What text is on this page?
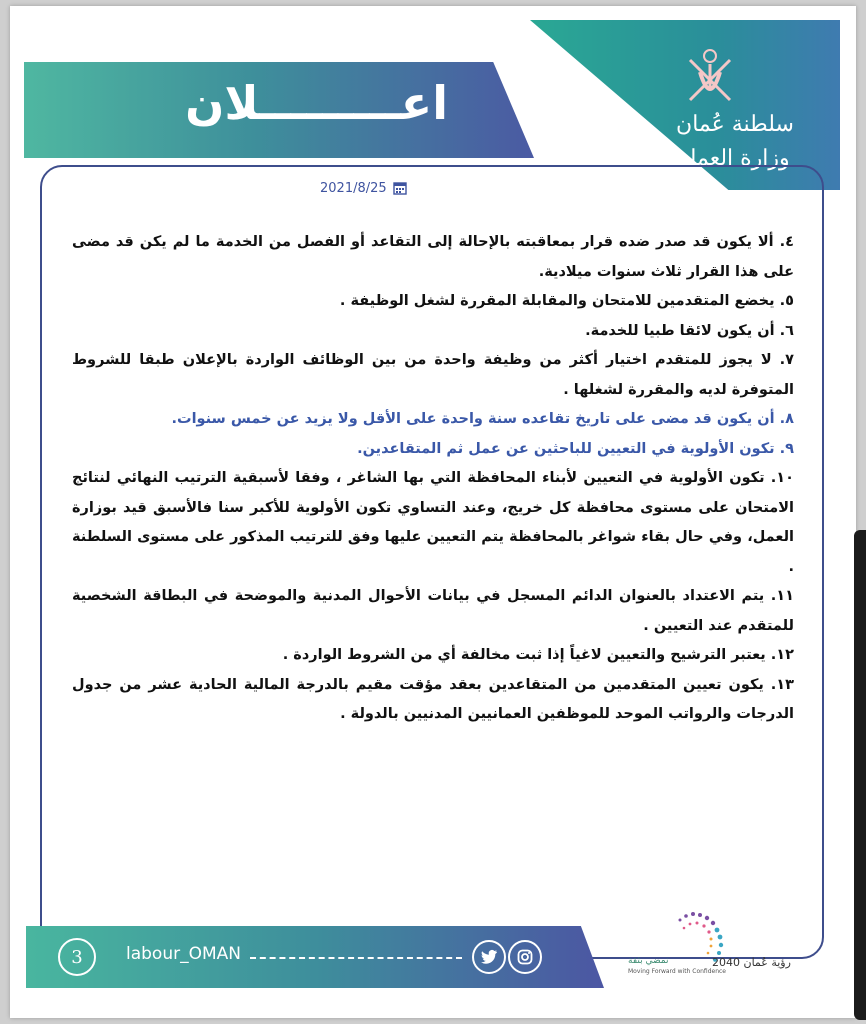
سلطنة عُمان
وزارة العمل
اعـــــــــلان
2021/8/25

٤. ألا يكون قد صدر ضده قرار بمعاقبته بالإحالة إلى التقاعد أو الفصل من الخدمة ما لم يكن قد مضى على هذا القرار ثلاث سنوات ميلادية.

٥. يخضع المتقدمين للامتحان والمقابلة المقررة لشغل الوظيفة .

٦. أن يكون لائقا طبيا للخدمة.

٧. لا يجوز للمتقدم اختيار أكثر من وظيفة واحدة من بين الوظائف الواردة بالإعلان طبقا للشروط المتوفرة لديه والمقررة لشغلها .

٨. أن يكون قد مضى على تاريخ تقاعده سنة واحدة على الأقل ولا يزيد عن خمس سنوات.

٩. تكون الأولوية في التعيين للباحثين عن عمل ثم المتقاعدين.

١٠. تكون الأولوية في التعيين لأبناء المحافظة التي بها الشاغر ، وفقا لأسبقية الترتيب النهائي لنتائج الامتحان على مستوى محافظة كل خريج، وعند التساوي تكون الأولوية للأكبر سنا فالأسبق قيد بوزارة العمل، وفي حال بقاء شواغر بالمحافظة يتم التعيين عليها وفق للترتيب المذكور على مستوى السلطنة .

١١. يتم الاعتداد بالعنوان الدائم المسجل في بيانات الأحوال المدنية والموضحة في البطاقة الشخصية للمتقدم عند التعيين .

١٢. يعتبر الترشيح والتعيين لاغياً إذا ثبت مخالفة أي من الشروط الواردة .

١٣. يكون تعيين المتقدمين من المتقاعدين بعقد مؤقت مقيم بالدرجة المالية الحادية عشر من جدول الدرجات والرواتب الموحد للموظفين العمانيين المدنيين بالدولة .

3	labour_OMAN	رؤية عُمان 2040
نمضي بثقة
Moving Forward with Confidence
